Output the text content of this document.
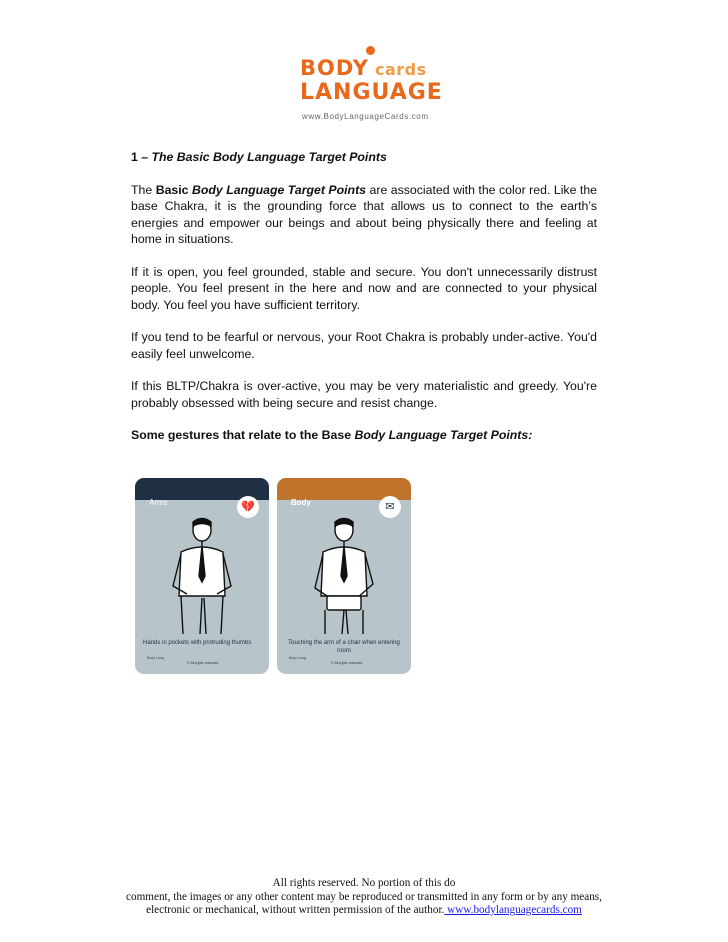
BODY cards
LANGUAGE
www.BodyLanguageCards.com

1 – The Basic Body Language Target Points

The Basic Body Language Target Points are associated with the color red. Like the base Chakra, it is the grounding force that allows us to connect to the earth’s energies and empower our beings and about being physically there and feeling at home in situations.

If it is open, you feel grounded, stable and secure. You don't unnecessarily distrust people. You feel present in the here and now and are connected to your physical body. You feel you have sufficient territory.

If you tend to be fearful or nervous, your Root Chakra is probably under-active. You'd easily feel unwelcome.

If this BLTP/Chakra is over-active, you may be very materialistic and greedy. You're probably obsessed with being secure and resist change.

Some gestures that relate to the Base Body Language Target Points:

Arms	💔
Hands in pockets with protruding thumbs
Body Lang.
© All rights reserved
Body	✉
Touching the arm of a chair when entering room
Body Lang.
© All rights reserved
All rights reserved. No portion of this do
comment, the images or any other content may be reproduced or transmitted in any form or by any means,
electronic or mechanical, without written permission of the author. www.bodylanguagecards.com
